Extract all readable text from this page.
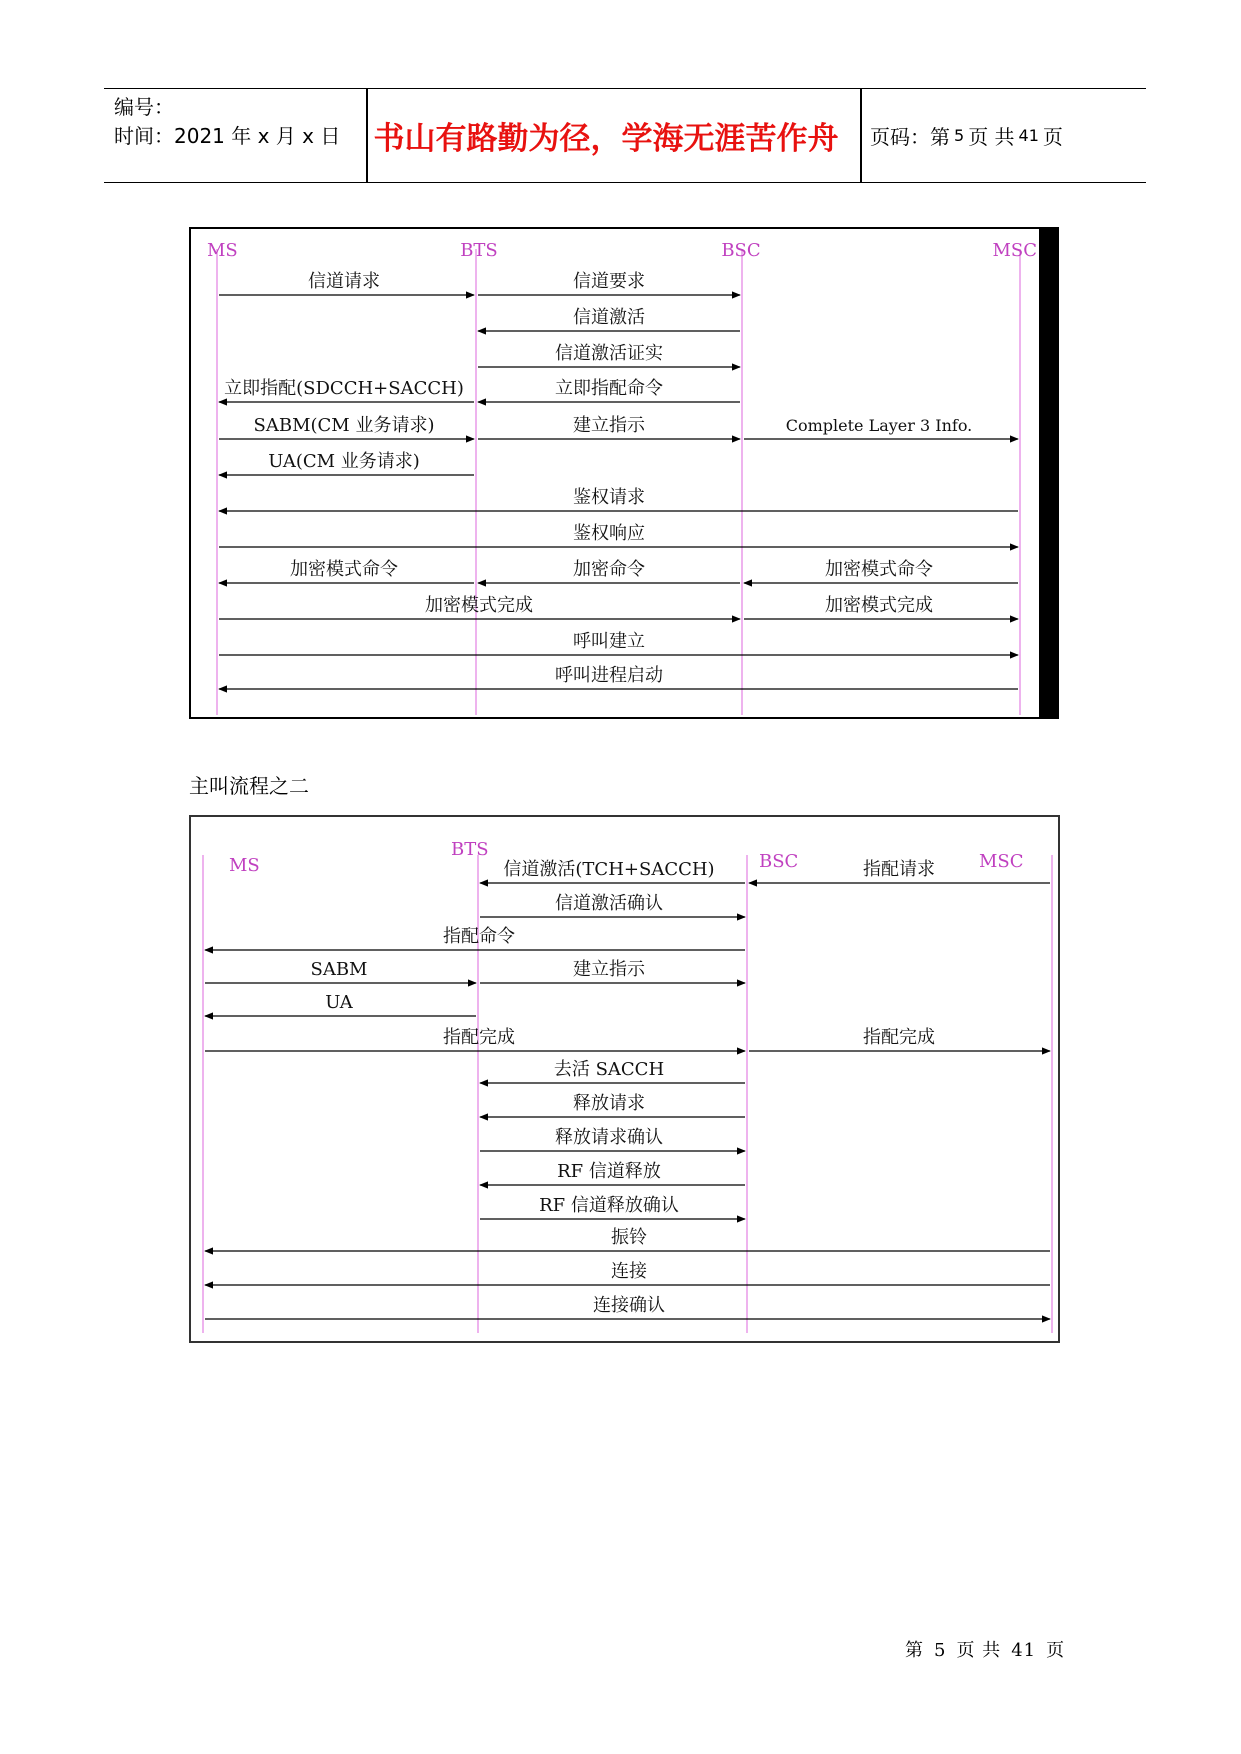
编号：
时间：2021 年 x 月 x 日 书山有路勤为径，学海无涯苦作舟	页码：第 5 页 共 41 页
MS	BTS	BSC	MSC
信道请求	信道要求
信道激活
信道激活证实
立即指配(SDCCH+SACCH)	立即指配命令
SABM(CM 业务请求)	建立指示	Complete Layer 3 Info.
UA(CM 业务请求)
鉴权请求
鉴权响应
加密模式命令	加密命令	加密模式命令
加密模式完成	加密模式完成
呼叫建立
呼叫进程启动
主叫流程之二
MS
BTS
BSC	MSC
信道激活(TCH+SACCH)	指配请求
信道激活确认
指配命令
SABM	建立指示
UA
指配完成	指配完成
去活 SACCH
释放请求
释放请求确认
RF 信道释放
RF 信道释放确认
振铃
连接
连接确认
第 5 页 共 41 页
